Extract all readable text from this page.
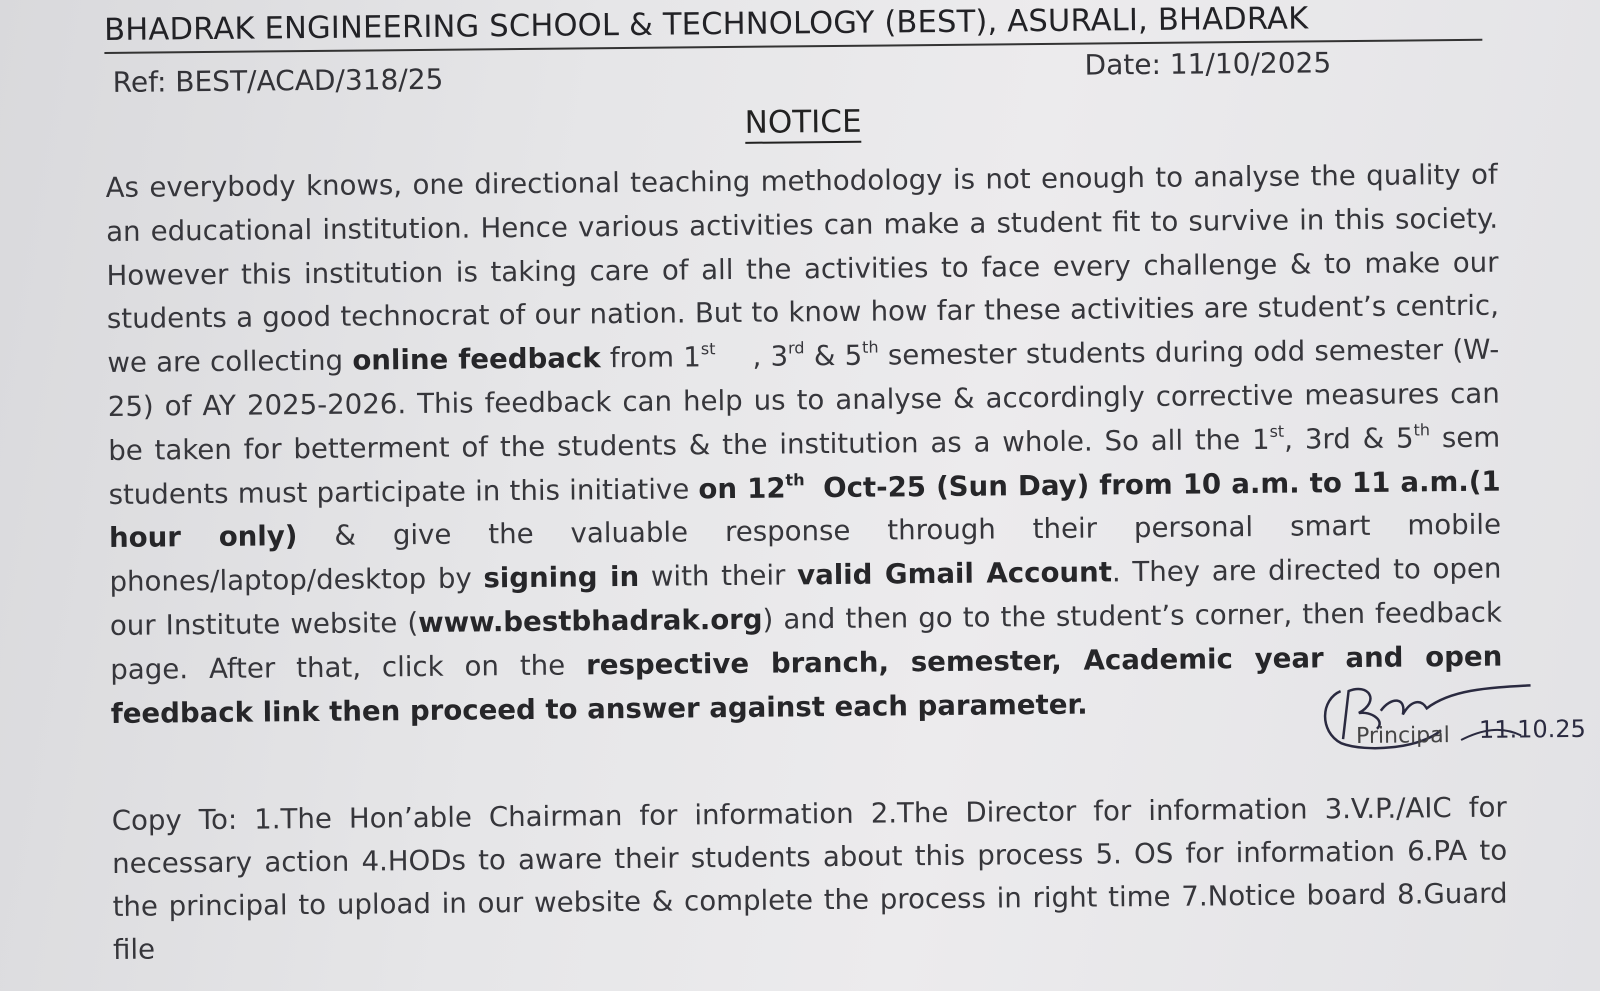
BHADRAK ENGINEERING SCHOOL & TECHNOLOGY (BEST), ASURALI, BHADRAK
Ref: BEST/ACAD/318/25	Date: 11/10/2025
NOTICE
As everybody knows, one directional teaching methodology is not enough to analyse the quality of an educational institution. Hence various activities can make a student fit to survive in this society. However this institution is taking care of all the activities to face every challenge & to make our students a good technocrat of our nation. But to know how far these activities are student’s centric, we are collecting online feedback from 1st , 3rd & 5th semester students during odd semester (W-25) of AY 2025-2026. This feedback can help us to analyse & accordingly corrective measures can be taken for betterment of the students & the institution as a whole. So all the 1st, 3rd & 5th sem students must participate in this initiative on 12th Oct-25 (Sun Day) from 10 a.m. to 11 a.m.(1 hour only) & give the valuable response through their personal smart mobile phones/laptop/desktop by signing in with their valid Gmail Account. They are directed to open our Institute website (www.bestbhadrak.org) and then go to the student’s corner, then feedback page. After that, click on the respective branch, semester, Academic year and open feedback link then proceed to answer against each parameter.
11.10.25
Principal
Copy To: 1.The Hon’able Chairman for information 2.The Director for information 3.V.P./AIC for necessary action 4.HODs to aware their students about this process 5. OS for information 6.PA to the principal to upload in our website & complete the process in right time 7.Notice board 8.Guard file
